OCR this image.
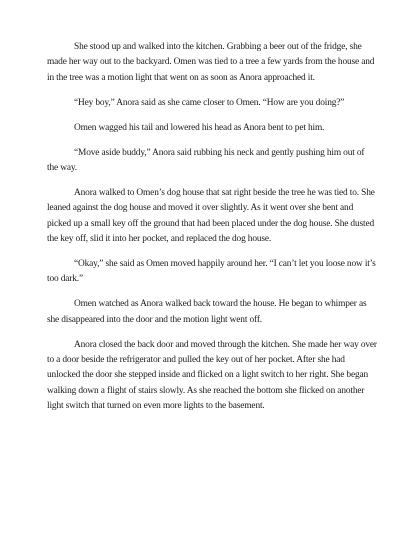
She stood up and walked into the kitchen. Grabbing a beer out of the fridge, she made her way out to the backyard. Omen was tied to a tree a few yards from the house and in the tree was a motion light that went on as soon as Anora approached it.

“Hey boy,” Anora said as she came closer to Omen. “How are you doing?”

Omen wagged his tail and lowered his head as Anora bent to pet him.

“Move aside buddy,” Anora said rubbing his neck and gently pushing him out of the way.

Anora walked to Omen’s dog house that sat right beside the tree he was tied to. She leaned against the dog house and moved it over slightly. As it went over she bent and picked up a small key off the ground that had been placed under the dog house. She dusted the key off, slid it into her pocket, and replaced the dog house.

“Okay,” she said as Omen moved happily around her. “I can’t let you loose now it’s too dark.”

Omen watched as Anora walked back toward the house. He began to whimper as she disappeared into the door and the motion light went off.

Anora closed the back door and moved through the kitchen. She made her way over to a door beside the refrigerator and pulled the key out of her pocket. After she had unlocked the door she stepped inside and flicked on a light switch to her right. She began walking down a flight of stairs slowly. As she reached the bottom she flicked on another light switch that turned on even more lights to the basement.
